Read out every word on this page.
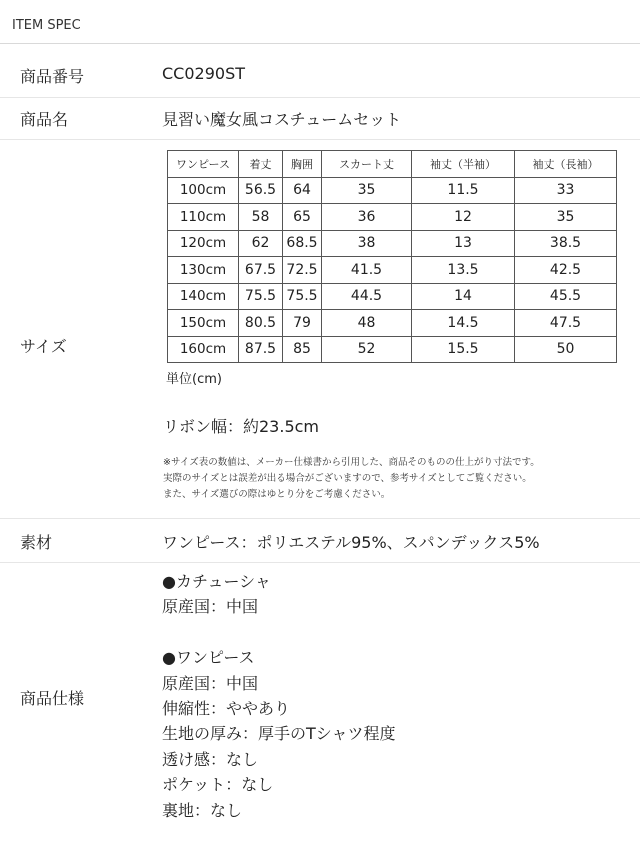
ITEM SPEC
商品番号	CC0290ST
商品名	見習い魔女風コスチュームセット
サイズ
ワンピース	着丈	胸囲	スカート丈	袖丈（半袖）	袖丈（長袖）
100cm	56.5	64	35	11.5	33
110cm	58	65	36	12	35
120cm	62	68.5	38	13	38.5
130cm	67.5	72.5	41.5	13.5	42.5
140cm	75.5	75.5	44.5	14	45.5
150cm	80.5	79	48	14.5	47.5
160cm	87.5	85	52	15.5	50
単位(cm)
リボン幅：約23.5cm
※サイズ表の数値は、メーカー仕様書から引用した、商品そのものの仕上がり寸法です。
実際のサイズとは誤差が出る場合がございますので、参考サイズとしてご覧ください。
また、サイズ選びの際はゆとり分をご考慮ください。
素材	ワンピース：ポリエステル95%、スパンデックス5%
商品仕様
●カチューシャ
原産国：中国
●ワンピース
原産国：中国
伸縮性：ややあり
生地の厚み：厚手のTシャツ程度
透け感：なし
ポケット：なし
裏地：なし
